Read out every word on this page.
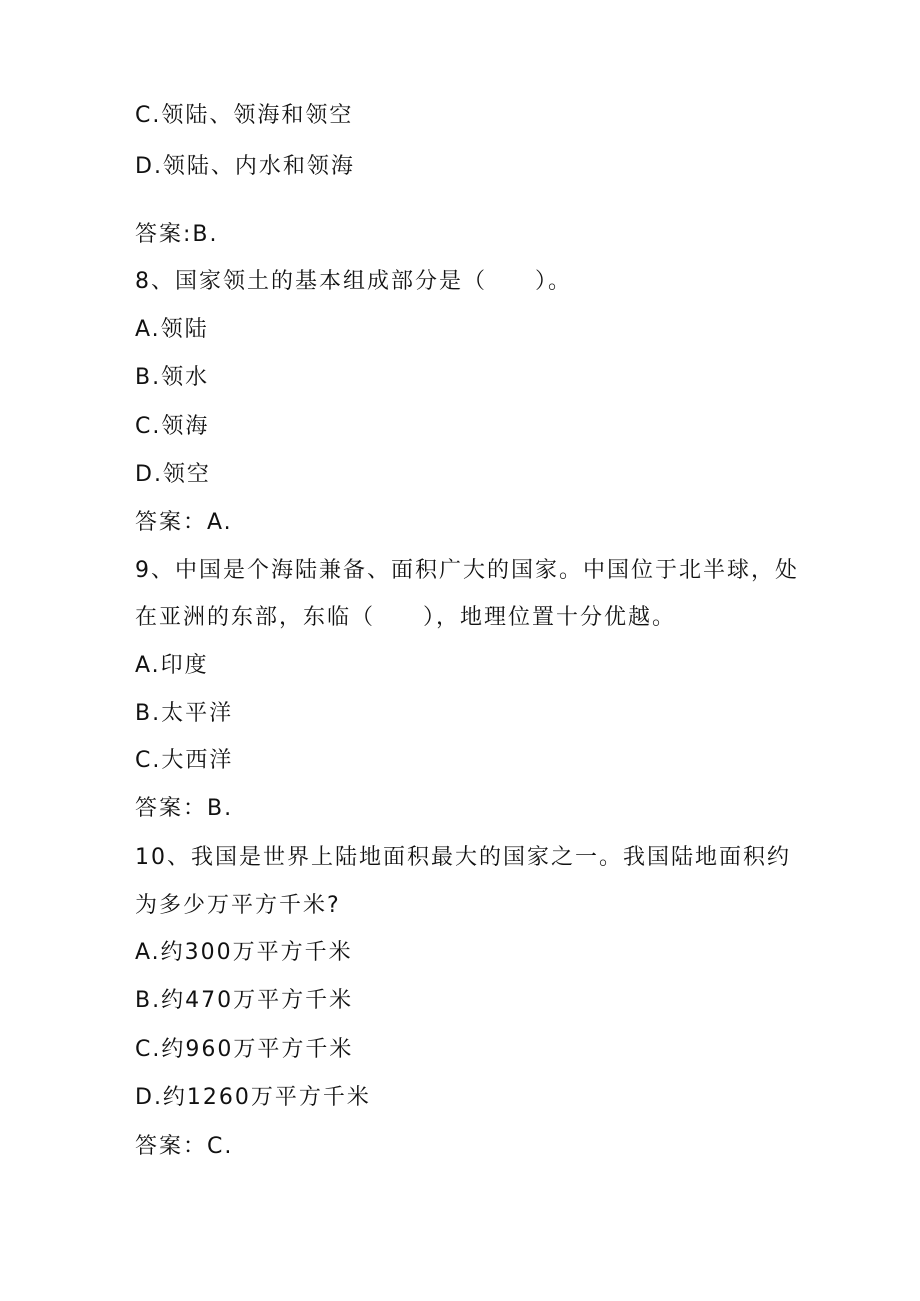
C.领陆、领海和领空
D.领陆、内水和领海
答案:B.
8、国家领土的基本组成部分是（　　）。
A.领陆
B.领水
C.领海
D.领空
答案：A.
9、中国是个海陆兼备、面积广大的国家。中国位于北半球，处
在亚洲的东部，东临（　　），地理位置十分优越。
A.印度
B.太平洋
C.大西洋
答案：B.
10、我国是世界上陆地面积最大的国家之一。我国陆地面积约
为多少万平方千米?
A.约300万平方千米
B.约470万平方千米
C.约960万平方千米
D.约1260万平方千米
答案：C.
